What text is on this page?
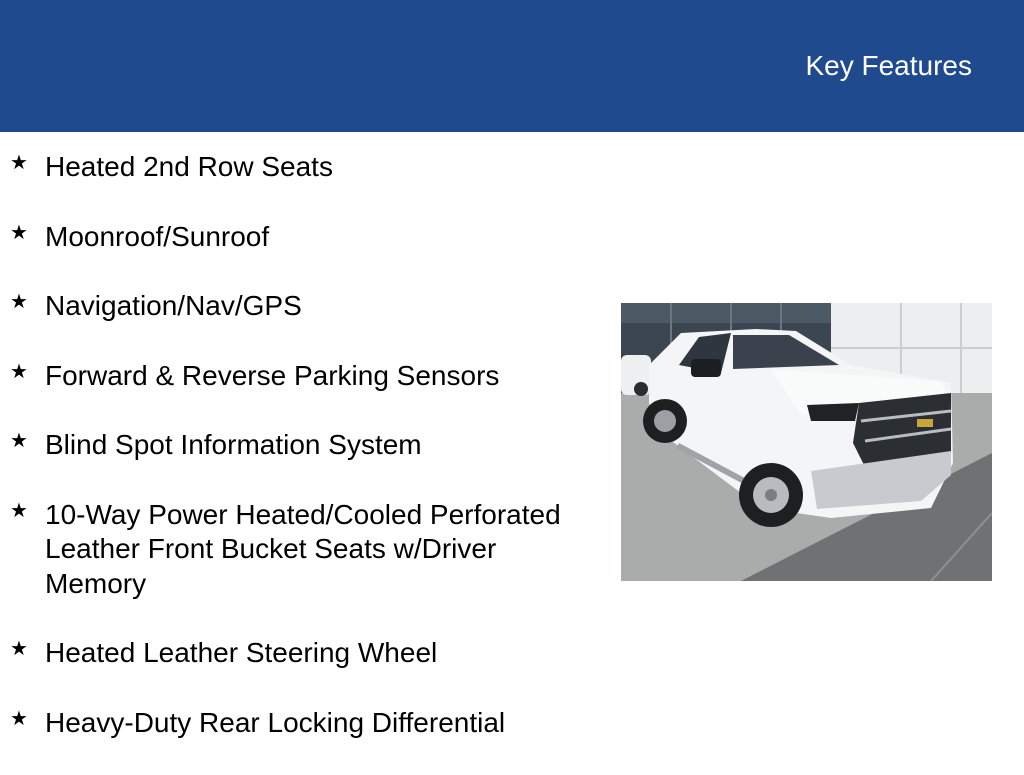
Key Features
★ Heated 2nd Row Seats
★ Moonroof/Sunroof
★ Navigation/Nav/GPS
★ Forward & Reverse Parking Sensors
★ Blind Spot Information System
★ 10-Way Power Heated/Cooled Perforated Leather Front Bucket Seats w/Driver Memory
★ Heated Leather Steering Wheel
★ Heavy-Duty Rear Locking Differential
